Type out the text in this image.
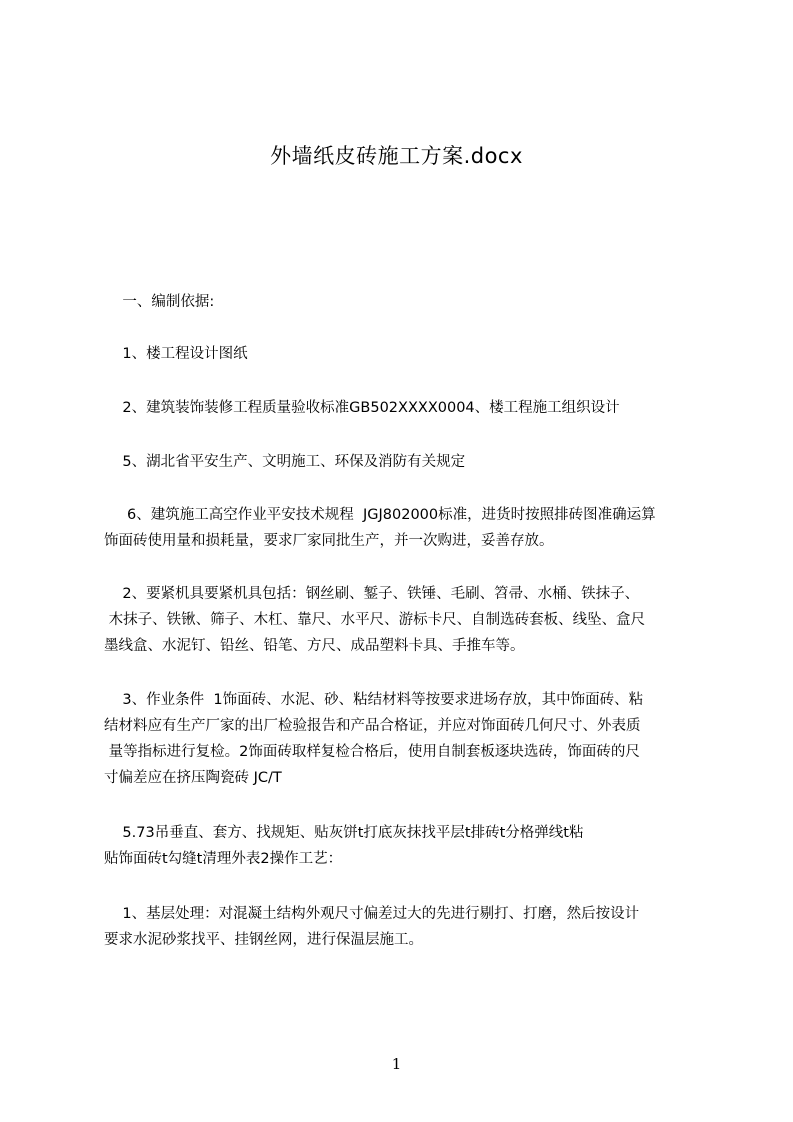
外墙纸皮砖施工方案.docx
一、编制依据:
1、楼工程设计图纸
2、建筑装饰装修工程质量验收标准GB502XXXX0004、楼工程施工组织设计
5、湖北省平安生产、文明施工、环保及消防有关规定
6、建筑施工高空作业平安技术规程  JGJ802000标准，进货时按照排砖图准确运算
饰面砖使用量和损耗量，要求厂家同批生产，并一次购进，妥善存放。
2、要紧机具要紧机具包括：钢丝刷、錾子、铁锤、毛刷、笤帚、水桶、铁抹子、
木抹子、铁锹、筛子、木杠、靠尺、水平尺、游标卡尺、自制选砖套板、线坠、盒尺
墨线盒、水泥钉、铅丝、铅笔、方尺、成品塑料卡具、手推车等。
3、作业条件  1饰面砖、水泥、砂、粘结材料等按要求进场存放，其中饰面砖、粘
结材料应有生产厂家的出厂检验报告和产品合格证，并应对饰面砖几何尺寸、外表质
量等指标进行复检。2饰面砖取样复检合格后，使用自制套板逐块选砖，饰面砖的尺
寸偏差应在挤压陶瓷砖 JC/T
5.73吊垂直、套方、找规矩、贴灰饼t打底灰抹找平层t排砖t分格弹线t粘
贴饰面砖t勾缝t清理外表2操作工艺：
1、基层处理：对混凝土结构外观尺寸偏差过大的先进行剔打、打磨，然后按设计
要求水泥砂浆找平、挂钢丝网，进行保温层施工。
1
